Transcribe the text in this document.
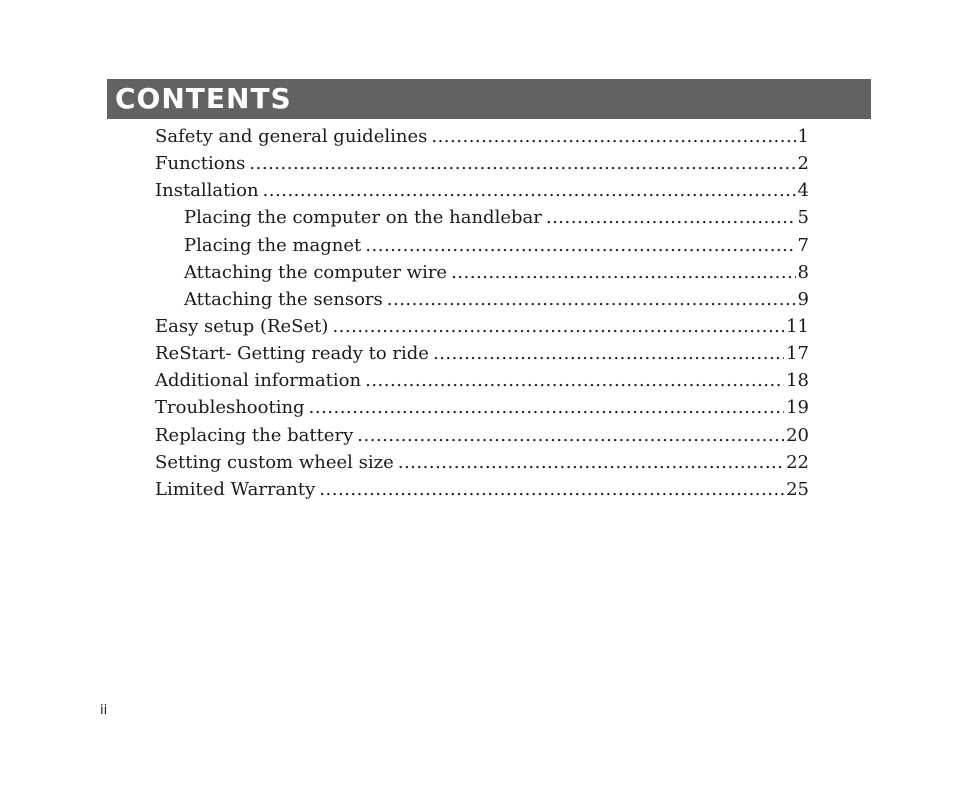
CONTENTS
Safety and general guidelines .....	1
Functions .....	2
Installation .....	4
Placing the computer on the handlebar .....	5
Placing the magnet .....	7
Attaching the computer wire .....	8
Attaching the sensors .....	9
Easy setup (ReSet) .....	11
ReStart- Getting ready to ride .....	17
Additional information .....	18
Troubleshooting .....	19
Replacing the battery .....	20
Setting custom wheel size .....	22
Limited Warranty .....	25
ii
